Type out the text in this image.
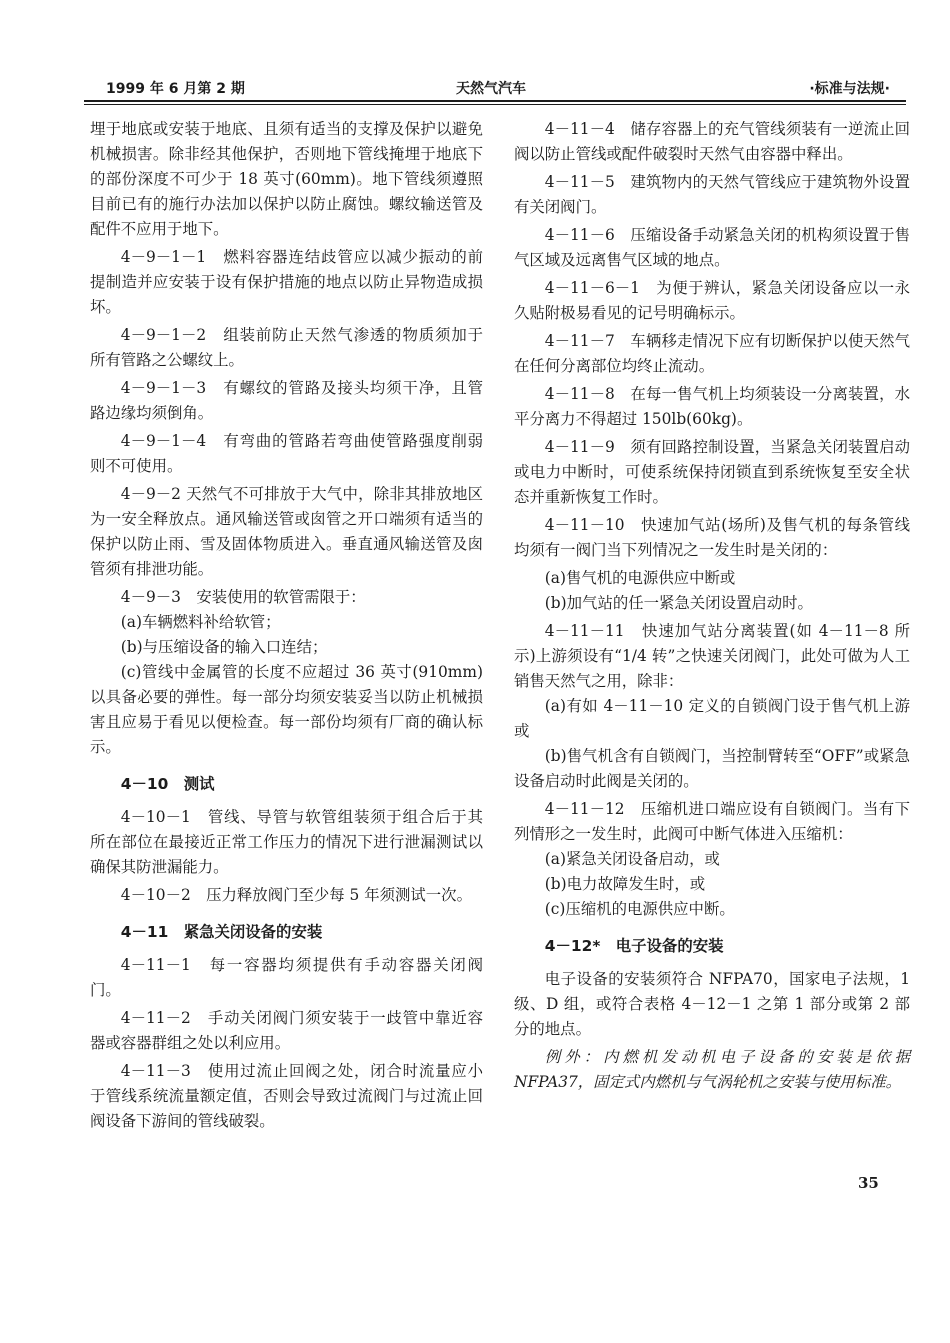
1999 年 6 月第 2 期	天然气汽车	·标准与法规·

埋于地底或安装于地底、且须有适当的支撑及保护以避免机械损害。除非经其他保护，否则地下管线掩埋于地底下的部份深度不可少于 18 英寸(60mm)。地下管线须遵照目前已有的施行办法加以保护以防止腐蚀。螺纹输送管及配件不应用于地下。

4－9－1－1　燃料容器连结歧管应以减少振动的前提制造并应安装于设有保护措施的地点以防止异物造成损坏。

4－9－1－2　组装前防止天然气渗透的物质须加于所有管路之公螺纹上。

4－9－1－3　有螺纹的管路及接头均须干净，且管路边缘均须倒角。

4－9－1－4　有弯曲的管路若弯曲使管路强度削弱则不可使用。

4－9－2 天然气不可排放于大气中，除非其排放地区为一安全释放点。通风输送管或囱管之开口端须有适当的保护以防止雨、雪及固体物质进入。垂直通风输送管及囱管须有排泄功能。

4－9－3　安装使用的软管需限于：

(a)车辆燃料补给软管；

(b)与压缩设备的输入口连结；

(c)管线中金属管的长度不应超过 36 英寸(910mm)以具备必要的弹性。每一部分均须安装妥当以防止机械损害且应易于看见以便检查。每一部份均须有厂商的确认标示。

4－10　测试

4－10－1　管线、导管与软管组装须于组合后于其所在部位在最接近正常工作压力的情况下进行泄漏测试以确保其防泄漏能力。

4－10－2　压力释放阀门至少每 5 年须测试一次。

4－11　紧急关闭设备的安装

4－11－1　每一容器均须提供有手动容器关闭阀门。

4－11－2　手动关闭阀门须安装于一歧管中靠近容器或容器群组之处以利应用。

4－11－3　使用过流止回阀之处，闭合时流量应小于管线系统流量额定值，否则会导致过流阀门与过流止回阀设备下游间的管线破裂。

4－11－4　储存容器上的充气管线须装有一逆流止回阀以防止管线或配件破裂时天然气由容器中释出。

4－11－5　建筑物内的天然气管线应于建筑物外设置有关闭阀门。

4－11－6　压缩设备手动紧急关闭的机构须设置于售气区域及远离售气区域的地点。

4－11－6－1　为便于辨认，紧急关闭设备应以一永久贴附极易看见的记号明确标示。

4－11－7　车辆移走情况下应有切断保护以使天然气在任何分离部位均终止流动。

4－11－8　在每一售气机上均须装设一分离装置，水平分离力不得超过 150lb(60kg)。

4－11－9　须有回路控制设置，当紧急关闭装置启动或电力中断时，可使系统保持闭锁直到系统恢复至安全状态并重新恢复工作时。

4－11－10　快速加气站(场所)及售气机的每条管线均须有一阀门当下列情况之一发生时是关闭的：

(a)售气机的电源供应中断或

(b)加气站的任一紧急关闭设置启动时。

4－11－11　快速加气站分离装置(如 4－11－8 所示)上游须设有“1/4 转”之快速关闭阀门，此处可做为人工销售天然气之用，除非：

(a)有如 4－11－10 定义的自锁阀门设于售气机上游或

(b)售气机含有自锁阀门，当控制臂转至“OFF”或紧急设备启动时此阀是关闭的。

4－11－12　压缩机进口端应设有自锁阀门。当有下列情形之一发生时，此阀可中断气体进入压缩机：

(a)紧急关闭设备启动，或

(b)电力故障发生时，或

(c)压缩机的电源供应中断。

4－12*　电子设备的安装

电子设备的安装须符合 NFPA70，国家电子法规，1 级、D 组，或符合表格 4－12－1 之第 1 部分或第 2 部分的地点。

例外：内燃机发动机电子设备的安装是依据 NFPA37，固定式内燃机与气涡轮机之安装与使用标准。

35
